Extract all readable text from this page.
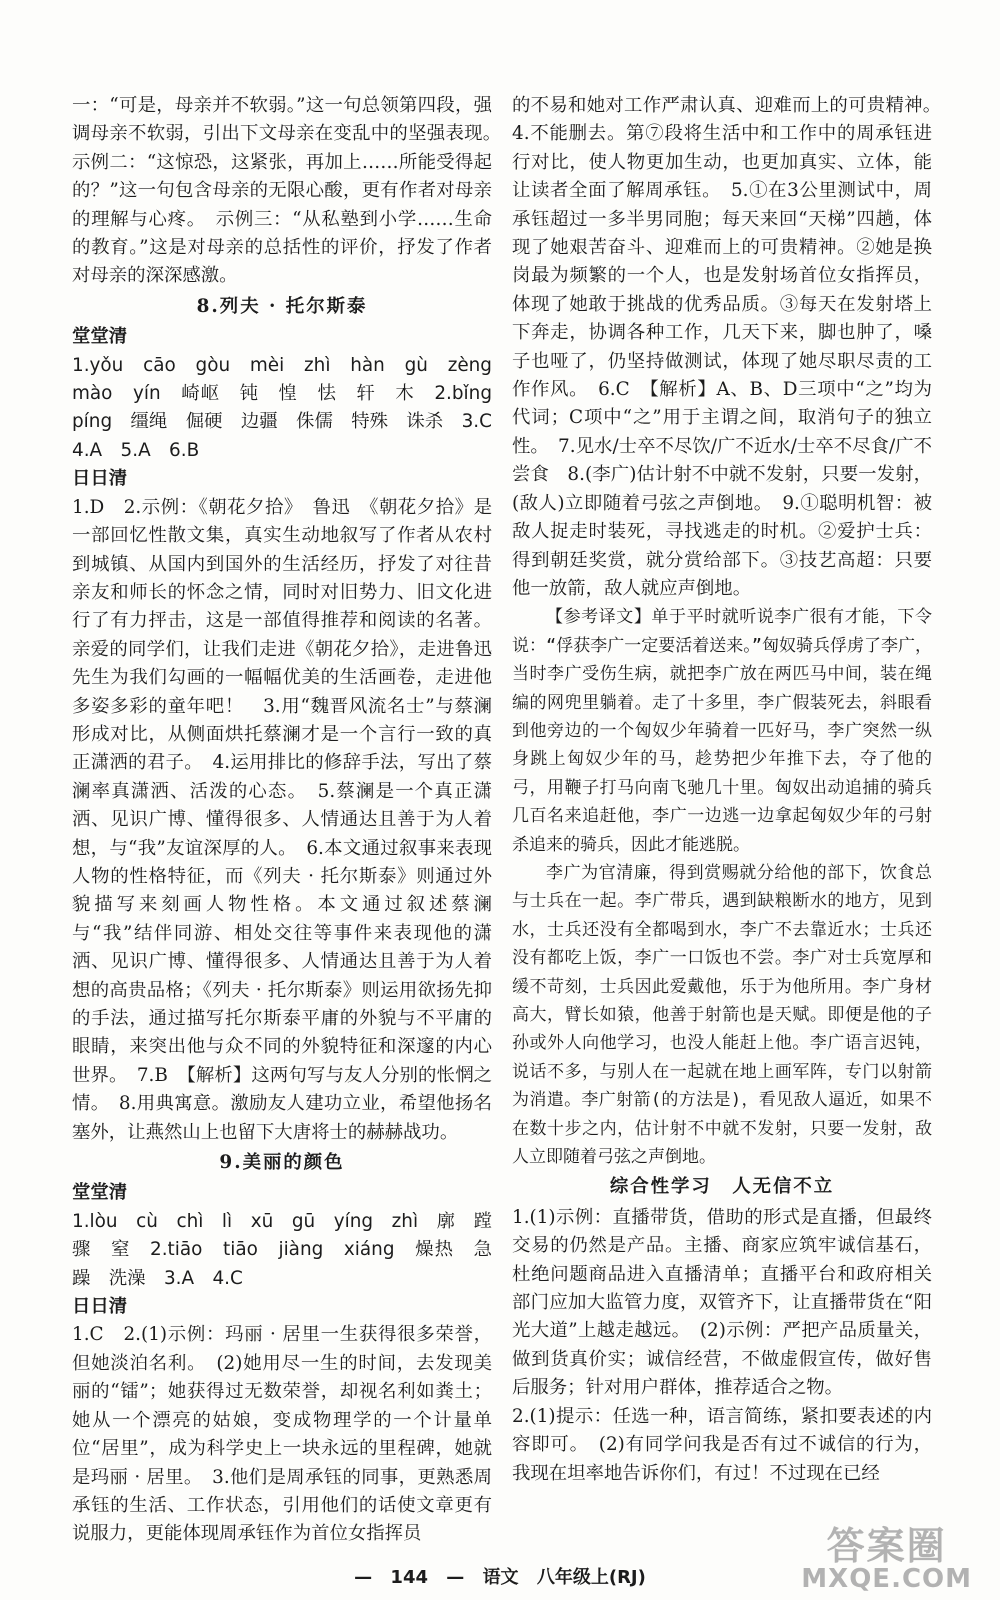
一：“可是，母亲并不软弱。”这一句总领第四段，强调母亲不软弱，引出下文母亲在变乱中的坚强表现。　示例二：“这惊恐，这紧张，再加上……所能受得起的？”这一句包含母亲的无限心酸，更有作者对母亲的理解与心疼。　示例三：“从私塾到小学……生命的教育。”这是对母亲的总括性的评价，抒发了作者对母亲的深深感激。

8.列夫 · 托尔斯泰

堂堂清

1.yǒu　cāo　gòu　mèi　zhì　hàn　gù　zèng　mào　yín　崎岖　钝　惶　怯　轩　木　2.bǐng píng　缰绳　倔硬　边疆　侏儒　特殊　诛杀　3.C　4.A　5.A　6.B

日日清

1.D　2.示例：《朝花夕拾》　鲁迅　《朝花夕拾》是一部回忆性散文集，真实生动地叙写了作者从农村到城镇、从国内到国外的生活经历，抒发了对往昔亲友和师长的怀念之情，同时对旧势力、旧文化进行了有力抨击，这是一部值得推荐和阅读的名著。亲爱的同学们，让我们走进《朝花夕拾》，走进鲁迅先生为我们勾画的一幅幅优美的生活画卷，走进他多姿多彩的童年吧！　3.用“魏晋风流名士”与蔡澜形成对比，从侧面烘托蔡澜才是一个言行一致的真正潇洒的君子。　4.运用排比的修辞手法，写出了蔡澜率真潇洒、活泼的心态。　5.蔡澜是一个真正潇洒、见识广博、懂得很多、人情通达且善于为人着想，与“我”友谊深厚的人。　6.本文通过叙事来表现人物的性格特征，而《列夫 · 托尔斯泰》则通过外貌描写来刻画人物性格。本文通过叙述蔡澜与“我”结伴同游、相处交往等事件来表现他的潇洒、见识广博、懂得很多、人情通达且善于为人着想的高贵品格；《列夫 · 托尔斯泰》则运用欲扬先抑的手法，通过描写托尔斯泰平庸的外貌与不平庸的眼睛，来突出他与众不同的外貌特征和深邃的内心世界。　7.B　【解析】这两句写与友人分别的怅惘之情。　8.用典寓意。激励友人建功立业，希望他扬名塞外，让燕然山上也留下大唐将士的赫赫战功。

9.美丽的颜色

堂堂清

1.lòu　cù　chì　lì　xū　gū　yíng　zhì　廓　蹚　骤　窒　2.tiāo　tiāo　jiàng　xiáng　燥热　急躁　洗澡　3.A　4.C

日日清

1.C　2.(1)示例：玛丽 · 居里一生获得很多荣誉，但她淡泊名利。　(2)她用尽一生的时间，去发现美丽的“镭”；她获得过无数荣誉，却视名利如粪土；她从一个漂亮的姑娘，变成物理学的一个计量单位“居里”，成为科学史上一块永远的里程碑，她就是玛丽 · 居里。　3.他们是周承钰的同事，更熟悉周承钰的生活、工作状态，引用他们的话使文章更有说服力，更能体现周承钰作为首位女指挥员

的不易和她对工作严肃认真、迎难而上的可贵精神。　4.不能删去。第⑦段将生活中和工作中的周承钰进行对比，使人物更加生动，也更加真实、立体，能让读者全面了解周承钰。　5.①在3公里测试中，周承钰超过一多半男同胞；每天来回“天梯”四趟，体现了她艰苦奋斗、迎难而上的可贵精神。②她是换岗最为频繁的一个人，也是发射场首位女指挥员，体现了她敢于挑战的优秀品质。③每天在发射塔上下奔走，协调各种工作，几天下来，脚也肿了，嗓子也哑了，仍坚持做测试，体现了她尽职尽责的工作作风。　6.C　【解析】A、B、D三项中“之”均为代词；C项中“之”用于主谓之间，取消句子的独立性。　7.见水/士卒不尽饮/广不近水/士卒不尽食/广不尝食　8.(李广)估计射不中就不发射，只要一发射，(敌人)立即随着弓弦之声倒地。　9.①聪明机智：被敌人捉走时装死，寻找逃走的时机。②爱护士兵：得到朝廷奖赏，就分赏给部下。③技艺高超：只要他一放箭，敌人就应声倒地。

【参考译文】单于平时就听说李广很有才能，下令说：“俘获李广一定要活着送来。”匈奴骑兵俘虏了李广，当时李广受伤生病，就把李广放在两匹马中间，装在绳编的网兜里躺着。走了十多里，李广假装死去，斜眼看到他旁边的一个匈奴少年骑着一匹好马，李广突然一纵身跳上匈奴少年的马，趁势把少年推下去，夺了他的弓，用鞭子打马向南飞驰几十里。匈奴出动追捕的骑兵几百名来追赶他，李广一边逃一边拿起匈奴少年的弓射杀追来的骑兵，因此才能逃脱。

李广为官清廉，得到赏赐就分给他的部下，饮食总与士兵在一起。李广带兵，遇到缺粮断水的地方，见到水，士兵还没有全都喝到水，李广不去靠近水；士兵还没有都吃上饭，李广一口饭也不尝。李广对士兵宽厚和缓不苛刻，士兵因此爱戴他，乐于为他所用。李广身材高大，臂长如猿，他善于射箭也是天赋。即便是他的子孙或外人向他学习，也没人能赶上他。李广语言迟钝，说话不多，与别人在一起就在地上画军阵，专门以射箭为消遣。李广射箭(的方法是)，看见敌人逼近，如果不在数十步之内，估计射不中就不发射，只要一发射，敌人立即随着弓弦之声倒地。

综合性学习　人无信不立

1.(1)示例：直播带货，借助的形式是直播，但最终交易的仍然是产品。主播、商家应筑牢诚信基石，杜绝问题商品进入直播清单；直播平台和政府相关部门应加大监管力度，双管齐下，让直播带货在“阳光大道”上越走越远。　(2)示例：严把产品质量关，做到货真价实；诚信经营，不做虚假宣传，做好售后服务；针对用户群体，推荐适合之物。

2.(1)提示：任选一种，语言简练，紧扣要表述的内容即可。　(2)有同学问我是否有过不诚信的行为，我现在坦率地告诉你们，有过！不过现在已经

— 144 — 语文 八年级上(RJ)
答案圈
MXQE.COM
